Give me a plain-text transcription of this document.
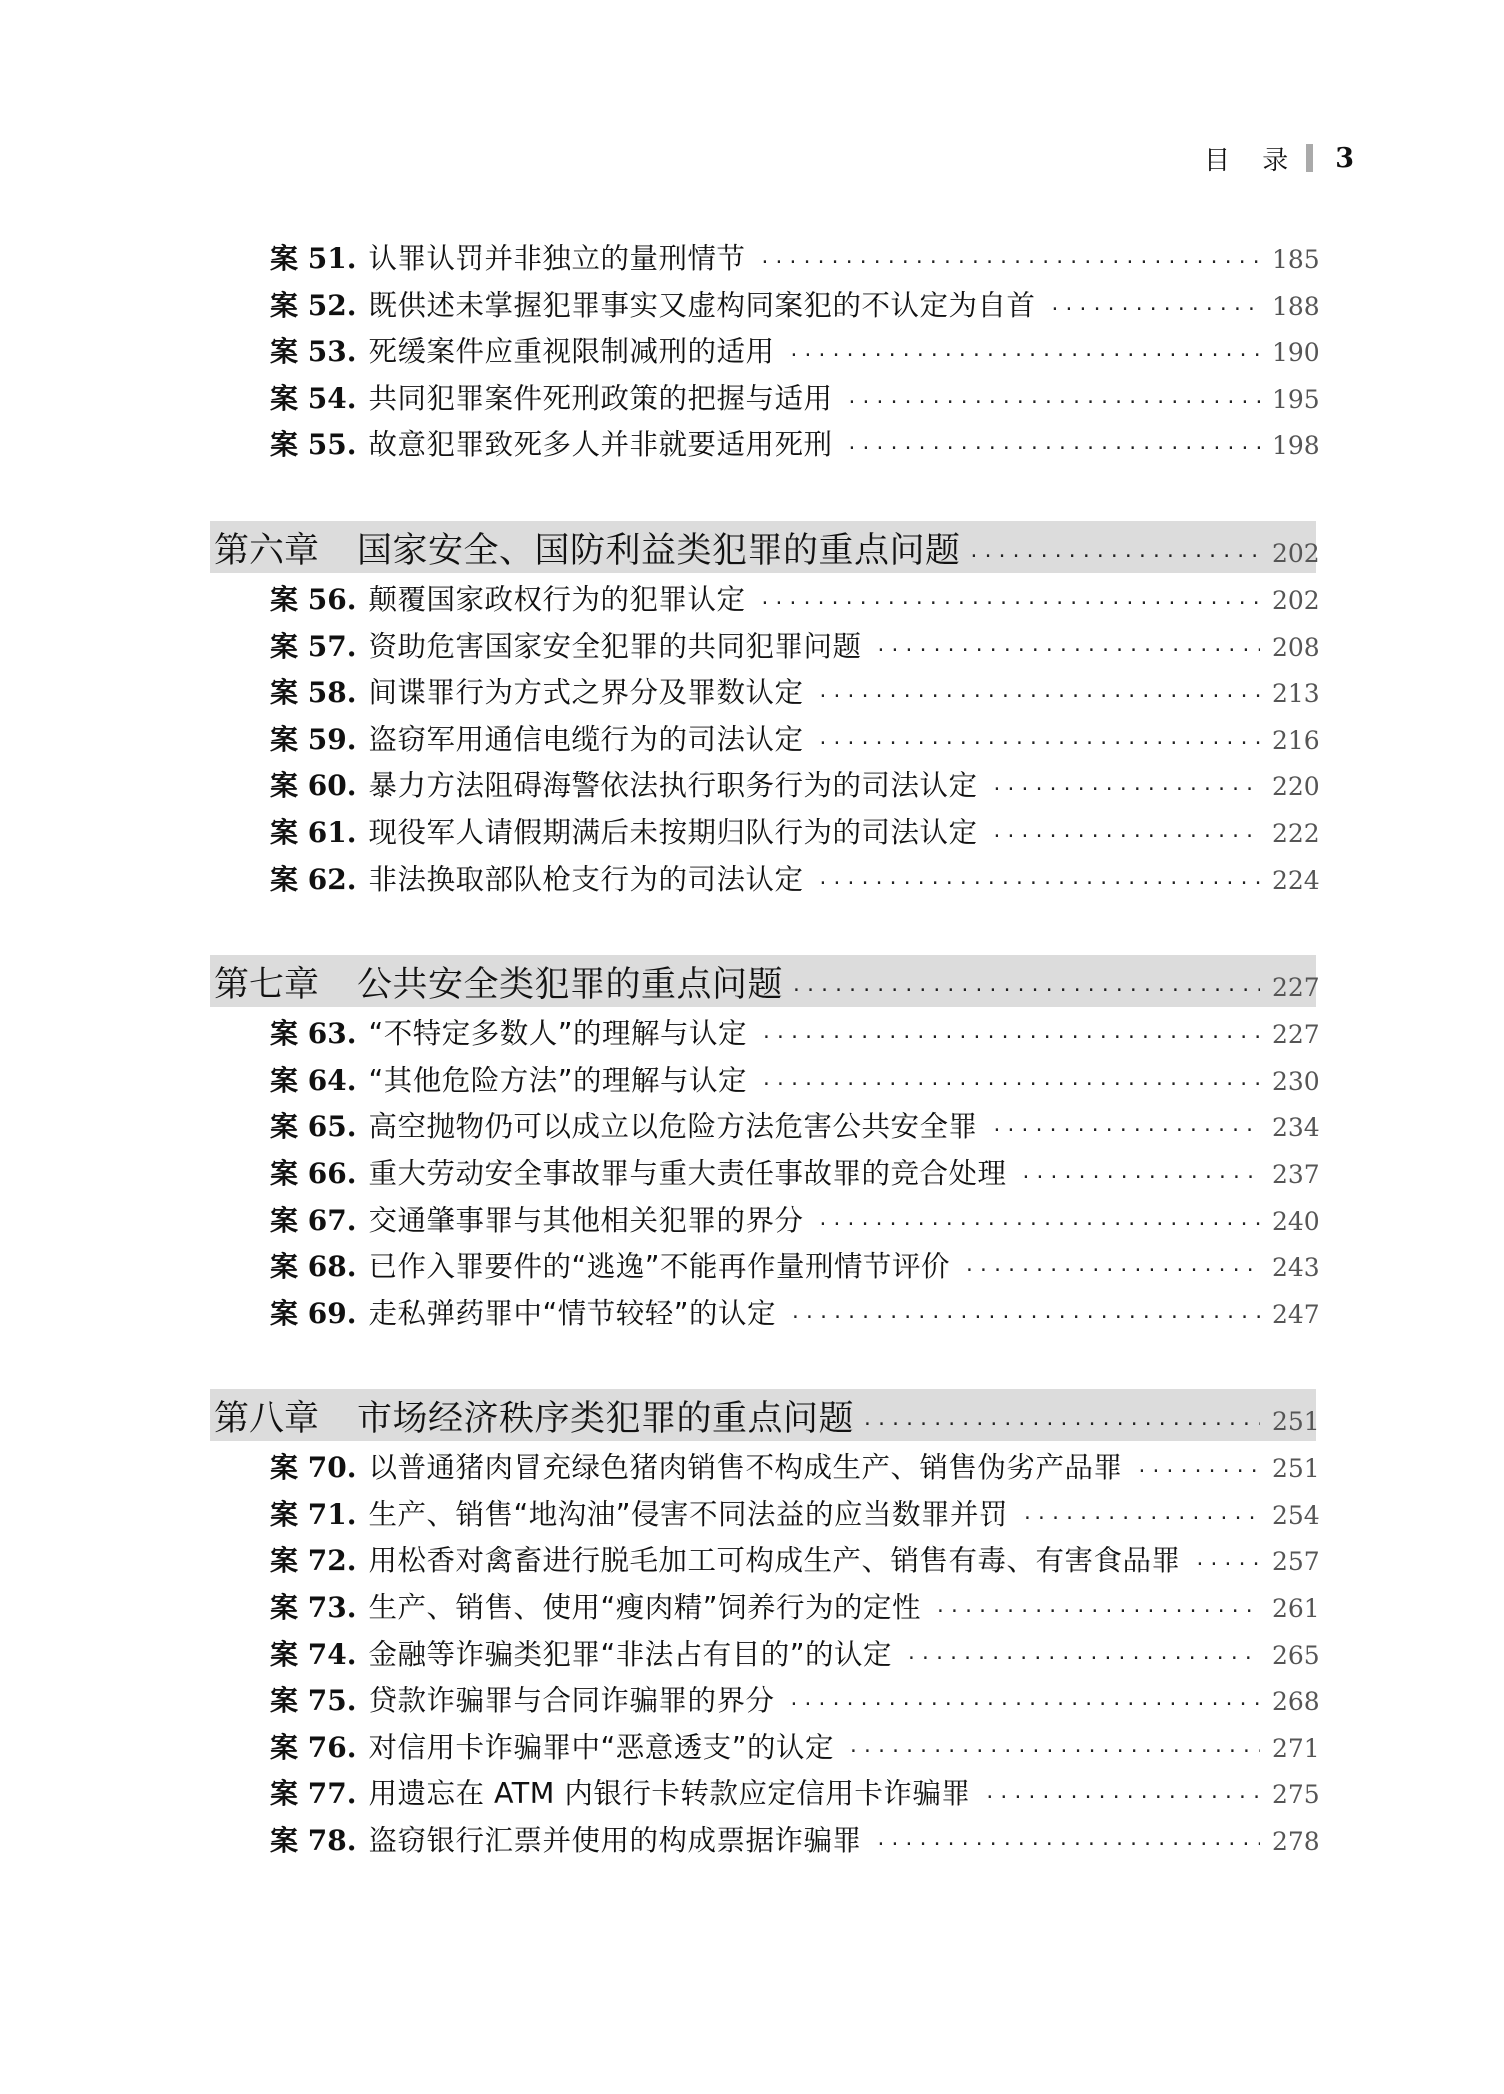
目 录 3
案 51. 认罪认罚并非独立的量刑情节 ·····	185
案 52. 既供述未掌握犯罪事实又虚构同案犯的不认定为自首 ·····	188
案 53. 死缓案件应重视限制减刑的适用 ·····	190
案 54. 共同犯罪案件死刑政策的把握与适用 ·····	195
案 55. 故意犯罪致死多人并非就要适用死刑 ·····	198
第六章 国家安全、国防利益类犯罪的重点问题 ·····	202
案 56. 颠覆国家政权行为的犯罪认定 ·····	202
案 57. 资助危害国家安全犯罪的共同犯罪问题 ·····	208
案 58. 间谍罪行为方式之界分及罪数认定 ·····	213
案 59. 盗窃军用通信电缆行为的司法认定 ·····	216
案 60. 暴力方法阻碍海警依法执行职务行为的司法认定 ·····	220
案 61. 现役军人请假期满后未按期归队行为的司法认定 ·····	222
案 62. 非法换取部队枪支行为的司法认定 ·····	224
第七章 公共安全类犯罪的重点问题 ·····	227
案 63. “不特定多数人”的理解与认定 ·····	227
案 64. “其他危险方法”的理解与认定 ·····	230
案 65. 高空抛物仍可以成立以危险方法危害公共安全罪 ·····	234
案 66. 重大劳动安全事故罪与重大责任事故罪的竞合处理 ·····	237
案 67. 交通肇事罪与其他相关犯罪的界分 ·····	240
案 68. 已作入罪要件的“逃逸”不能再作量刑情节评价 ·····	243
案 69. 走私弹药罪中“情节较轻”的认定 ·····	247
第八章 市场经济秩序类犯罪的重点问题 ·····	251
案 70. 以普通猪肉冒充绿色猪肉销售不构成生产、销售伪劣产品罪 ·····	251
案 71. 生产、销售“地沟油”侵害不同法益的应当数罪并罚 ·····	254
案 72. 用松香对禽畜进行脱毛加工可构成生产、销售有毒、有害食品罪 ·····	257
案 73. 生产、销售、使用“瘦肉精”饲养行为的定性 ·····	261
案 74. 金融等诈骗类犯罪“非法占有目的”的认定 ·····	265
案 75. 贷款诈骗罪与合同诈骗罪的界分 ·····	268
案 76. 对信用卡诈骗罪中“恶意透支”的认定 ·····	271
案 77. 用遗忘在 ATM 内银行卡转款应定信用卡诈骗罪 ·····	275
案 78. 盗窃银行汇票并使用的构成票据诈骗罪 ·····	278
